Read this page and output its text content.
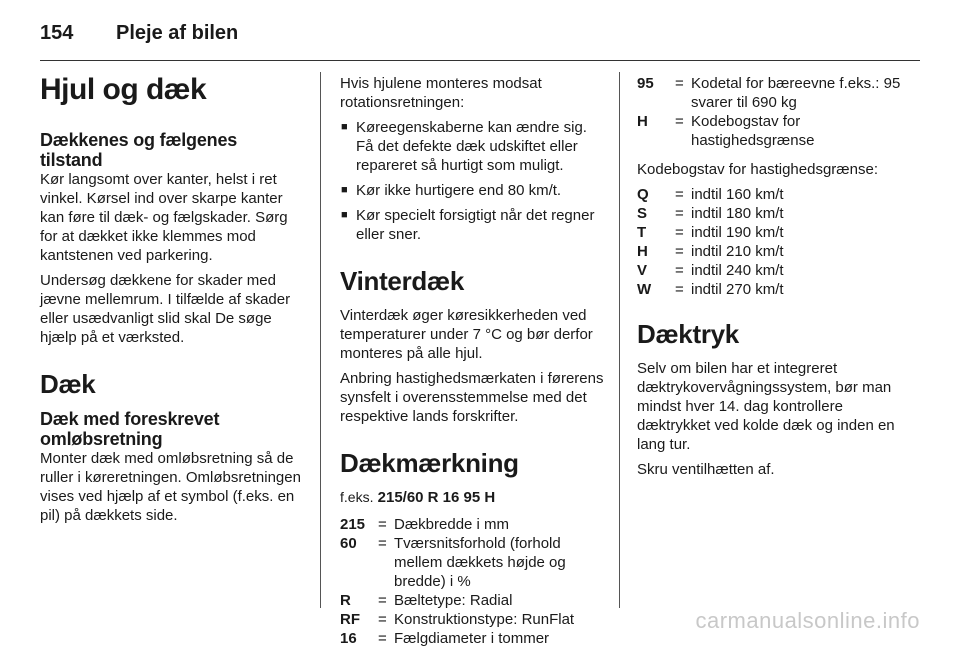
154 Pleje af bilen
Hjul og dæk
Dækkenes og fælgenes tilstand

Kør langsomt over kanter, helst i ret vinkel. Kørsel ind over skarpe kanter kan føre til dæk- og fælgskader. Sørg for at dækket ikke klemmes mod kantstenen ved parkering.

Undersøg dækkene for skader med jævne mellemrum. I tilfælde af skader eller usædvanligt slid skal De søge hjælp på et værksted.

Dæk
Dæk med foreskrevet omløbsretning

Monter dæk med omløbsretning så de ruller i køreretningen. Omløbsretningen vises ved hjælp af et symbol (f.eks. en pil) på dækkets side.

Hvis hjulene monteres modsat rotationsretningen:

■ Køreegenskaberne kan ændre sig. Få det defekte dæk udskiftet eller repareret så hurtigt som muligt.
■ Kør ikke hurtigere end 80 km/t.
■ Kør specielt forsigtigt når det regner eller sner.
Vinterdæk

Vinterdæk øger køresikkerheden ved temperaturer under 7 °C og bør derfor monteres på alle hjul.

Anbring hastighedsmærkaten i førerens synsfelt i overensstemmelse med det respektive lands forskrifter.

Dækmærkning
f.eks. 215/60 R 16 95 H
215	=	Dækbredde i mm
60	=	Tværsnitsforhold (forhold mellem dækkets højde og bredde) i %
R	=	Bæltetype: Radial
RF	=	Konstruktionstype: RunFlat
16	=	Fælgdiameter i tommer
95	=	Kodetal for bæreevne f.eks.: 95 svarer til 690 kg
H	=	Kodebogstav for hastighedsgrænse

Kodebogstav for hastighedsgrænse:

Q	=	indtil 160 km/t
S	=	indtil 180 km/t
T	=	indtil 190 km/t
H	=	indtil 210 km/t
V	=	indtil 240 km/t
W	=	indtil 270 km/t
Dæktryk

Selv om bilen har et integreret dæktrykovervågningssystem, bør man mindst hver 14. dag kontrollere dæktrykket ved kolde dæk og inden en lang tur.

Skru ventilhætten af.

carmanualsonline.info
